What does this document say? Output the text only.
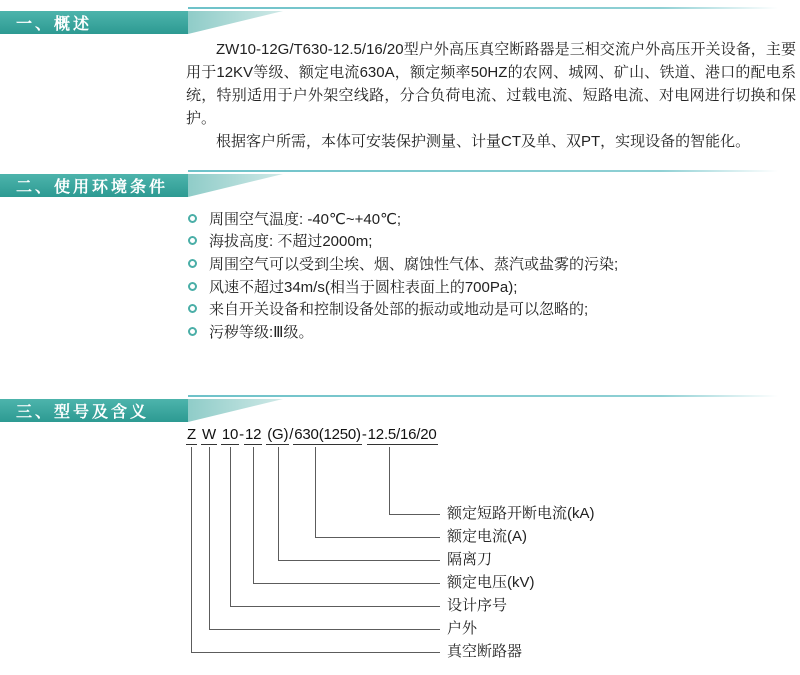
一、概述

ZW10-12G/T630-12.5/16/20型户外高压真空断路器是三相交流户外高压开关设备，主要用于12KV等级、额定电流630A，额定频率50HZ的农网、城网、矿山、铁道、港口的配电系统，特别适用于户外架空线路，分合负荷电流、过载电流、短路电流、对电网进行切换和保护。

根据客户所需，本体可安装保护测量、计量CT及单、双PT，实现设备的智能化。

二、使用环境条件
周围空气温度: -40℃~+40℃;
海拔高度: 不超过2000m;
周围空气可以受到尘埃、烟、腐蚀性气体、蒸汽或盐雾的污染;
风速不超过34m/s(相当于圆柱表面上的700Pa);
来自开关设备和控制设备处部的振动或地动是可以忽略的;
污秽等级:Ⅲ级。
三、型号及含义
Z W 10-12 (G)/630(1250)-12.5/16/20
额定短路开断电流(kA)
额定电流(A)
隔离刀
额定电压(kV)
设计序号
户外
真空断路器
